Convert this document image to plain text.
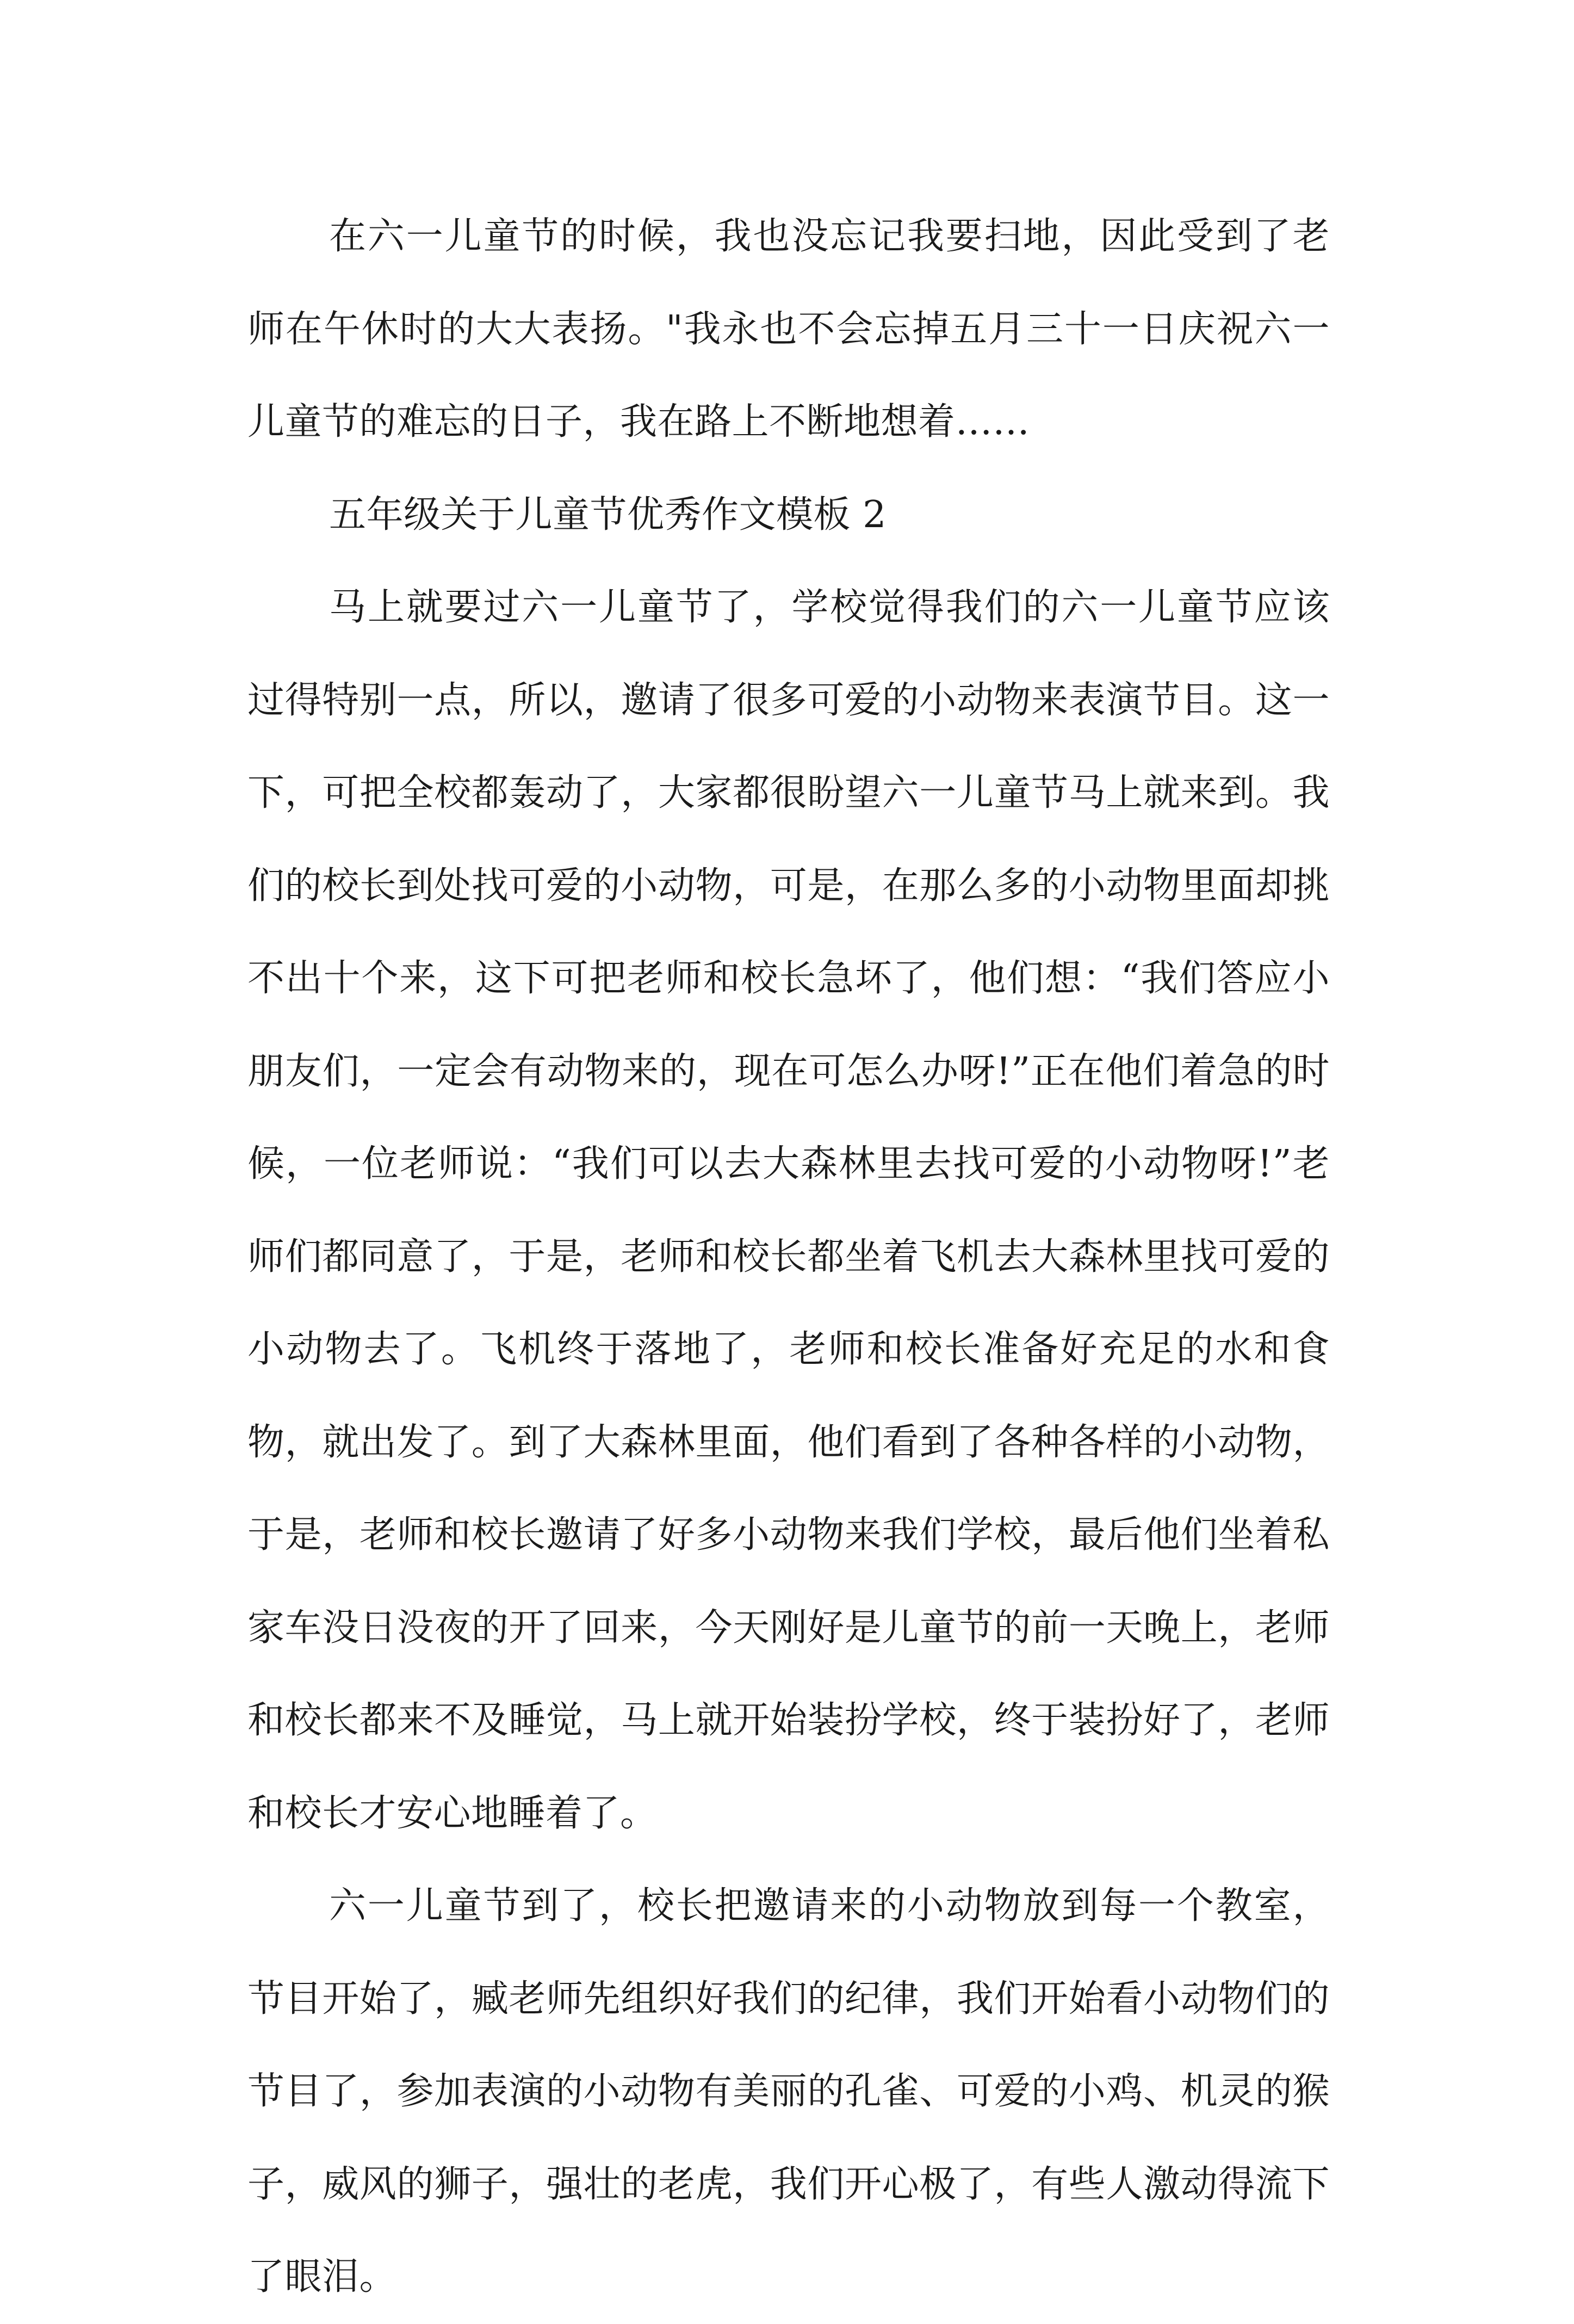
在六一儿童节的时候，我也没忘记我要扫地，因此受到了老师在午休时的大大表扬。"我永也不会忘掉五月三十一日庆祝六一儿童节的难忘的日子，我在路上不断地想着……

五年级关于儿童节优秀作文模板 2

马上就要过六一儿童节了，学校觉得我们的六一儿童节应该过得特别一点，所以，邀请了很多可爱的小动物来表演节目。这一下，可把全校都轰动了，大家都很盼望六一儿童节马上就来到。我们的校长到处找可爱的小动物，可是，在那么多的小动物里面却挑不出十个来，这下可把老师和校长急坏了，他们想：“我们答应小朋友们，一定会有动物来的，现在可怎么办呀!”正在他们着急的时候，一位老师说：“我们可以去大森林里去找可爱的小动物呀!”老师们都同意了，于是，老师和校长都坐着飞机去大森林里找可爱的小动物去了。飞机终于落地了，老师和校长准备好充足的水和食物，就出发了。到了大森林里面，他们看到了各种各样的小动物，于是，老师和校长邀请了好多小动物来我们学校，最后他们坐着私家车没日没夜的开了回来，今天刚好是儿童节的前一天晚上，老师和校长都来不及睡觉，马上就开始装扮学校，终于装扮好了，老师和校长才安心地睡着了。

六一儿童节到了，校长把邀请来的小动物放到每一个教室，节目开始了，臧老师先组织好我们的纪律，我们开始看小动物们的节目了，参加表演的小动物有美丽的孔雀、可爱的小鸡、机灵的猴子，威风的狮子，强壮的老虎，我们开心极了，有些人激动得流下了眼泪。
